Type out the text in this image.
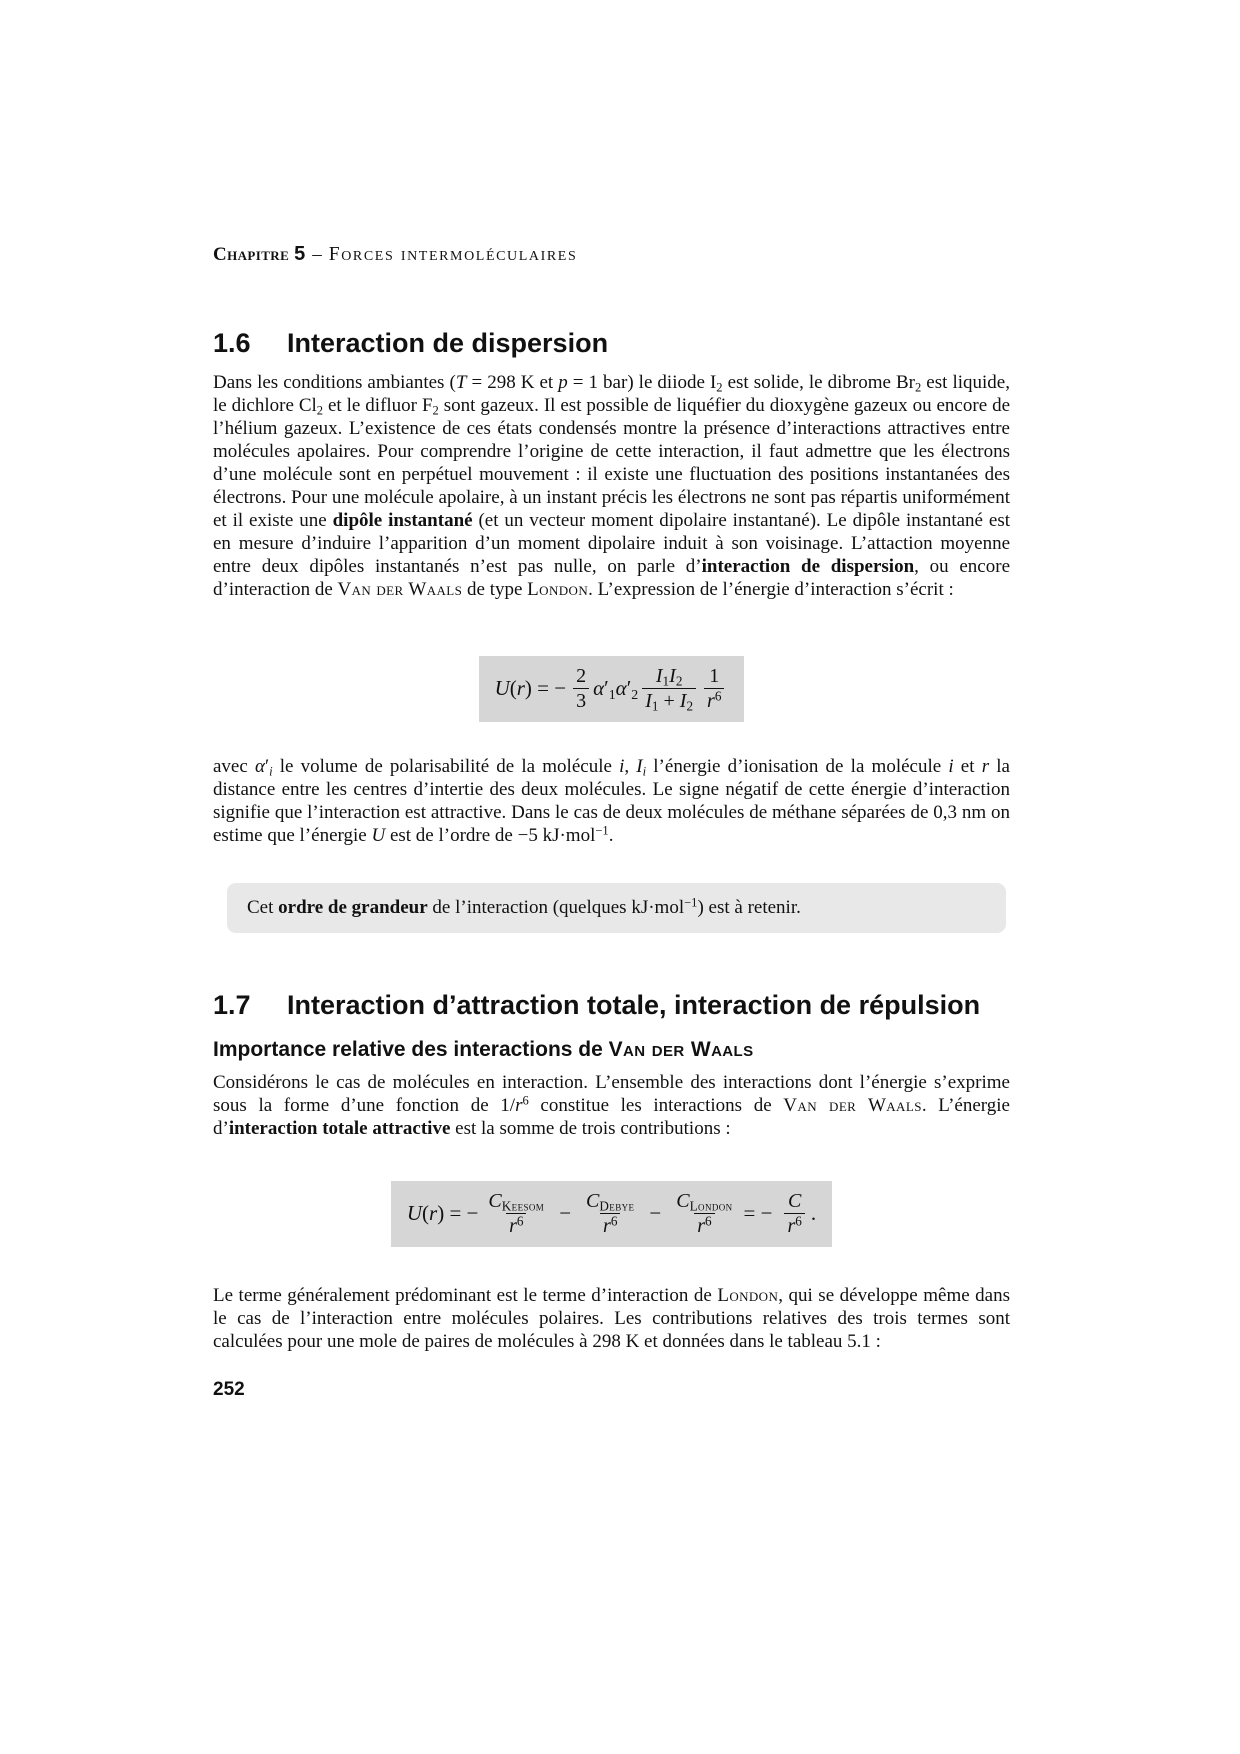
Chapitre 5 – Forces intermoléculaires
1.6	Interaction de dispersion

Dans les conditions ambiantes (T = 298 K et p = 1 bar) le diiode $I_2$ est solide, le dibrome $Br_2$ est liquide, le dichlore $Cl_2$ et le difluor $F_2$ sont gazeux. Il est possible de liquéfier du dioxygène gazeux ou encore de l’hélium gazeux. L’existence de ces états condensés montre la présence d’interactions attractives entre molécules apolaires. Pour comprendre l’origine de cette interaction, il faut admettre que les électrons d’une molécule sont en perpétuel mouvement : il existe une fluctuation des positions instantanées des électrons. Pour une molécule apolaire, à un instant précis les électrons ne sont pas répartis uniformément et il existe une dipôle instantané (et un vecteur moment dipolaire instantané). Le dipôle instantané est en mesure d’induire l’apparition d’un moment dipolaire induit à son voisinage. L’attaction moyenne entre deux dipôles instantanés n’est pas nulle, on parle d’interaction de dispersion, ou encore d’interaction de Van der Waals de type London. L’expression de l’énergie d’interaction s’écrit :

U(r) = − $\frac{2}{3} \alpha'_1\alpha'_2 \frac{I_1I_2}{I_1 + I_2} \frac{1}{r^6}$

avec $\alpha'_i$ le volume de polarisabilité de la molécule i, $I_i$ l’énergie d’ionisation de la molécule i et r la distance entre les centres d’intertie des deux molécules. Le signe négatif de cette énergie d’interaction signifie que l’interaction est attractive. Dans le cas de deux molécules de méthane séparées de 0,3 nm on estime que l’énergie U est de l’ordre de −5 kJ·mol$^{-1}$.

Cet ordre de grandeur de l’interaction (quelques kJ·mol$^{-1}$) est à retenir.
1.7	Interaction d’attraction totale, interaction de répulsion
Importance relative des interactions de Van der Waals

Considérons le cas de molécules en interaction. L’ensemble des interactions dont l’énergie s’exprime sous la forme d’une fonction de $1/r^6$ constitue les interactions de Van der Waals. L’énergie d’interaction totale attractive est la somme de trois contributions :

U(r) = − $\frac{C_{Keesom}}{r^6} - \frac{C_{Debye}}{r^6} - \frac{C_{London}}{r^6}$ = − $\frac{C}{r^6}$ .

Le terme généralement prédominant est le terme d’interaction de London, qui se développe même dans le cas de l’interaction entre molécules polaires. Les contributions relatives des trois termes sont calculées pour une mole de paires de molécules à 298 K et données dans le tableau 5.1 :

252
